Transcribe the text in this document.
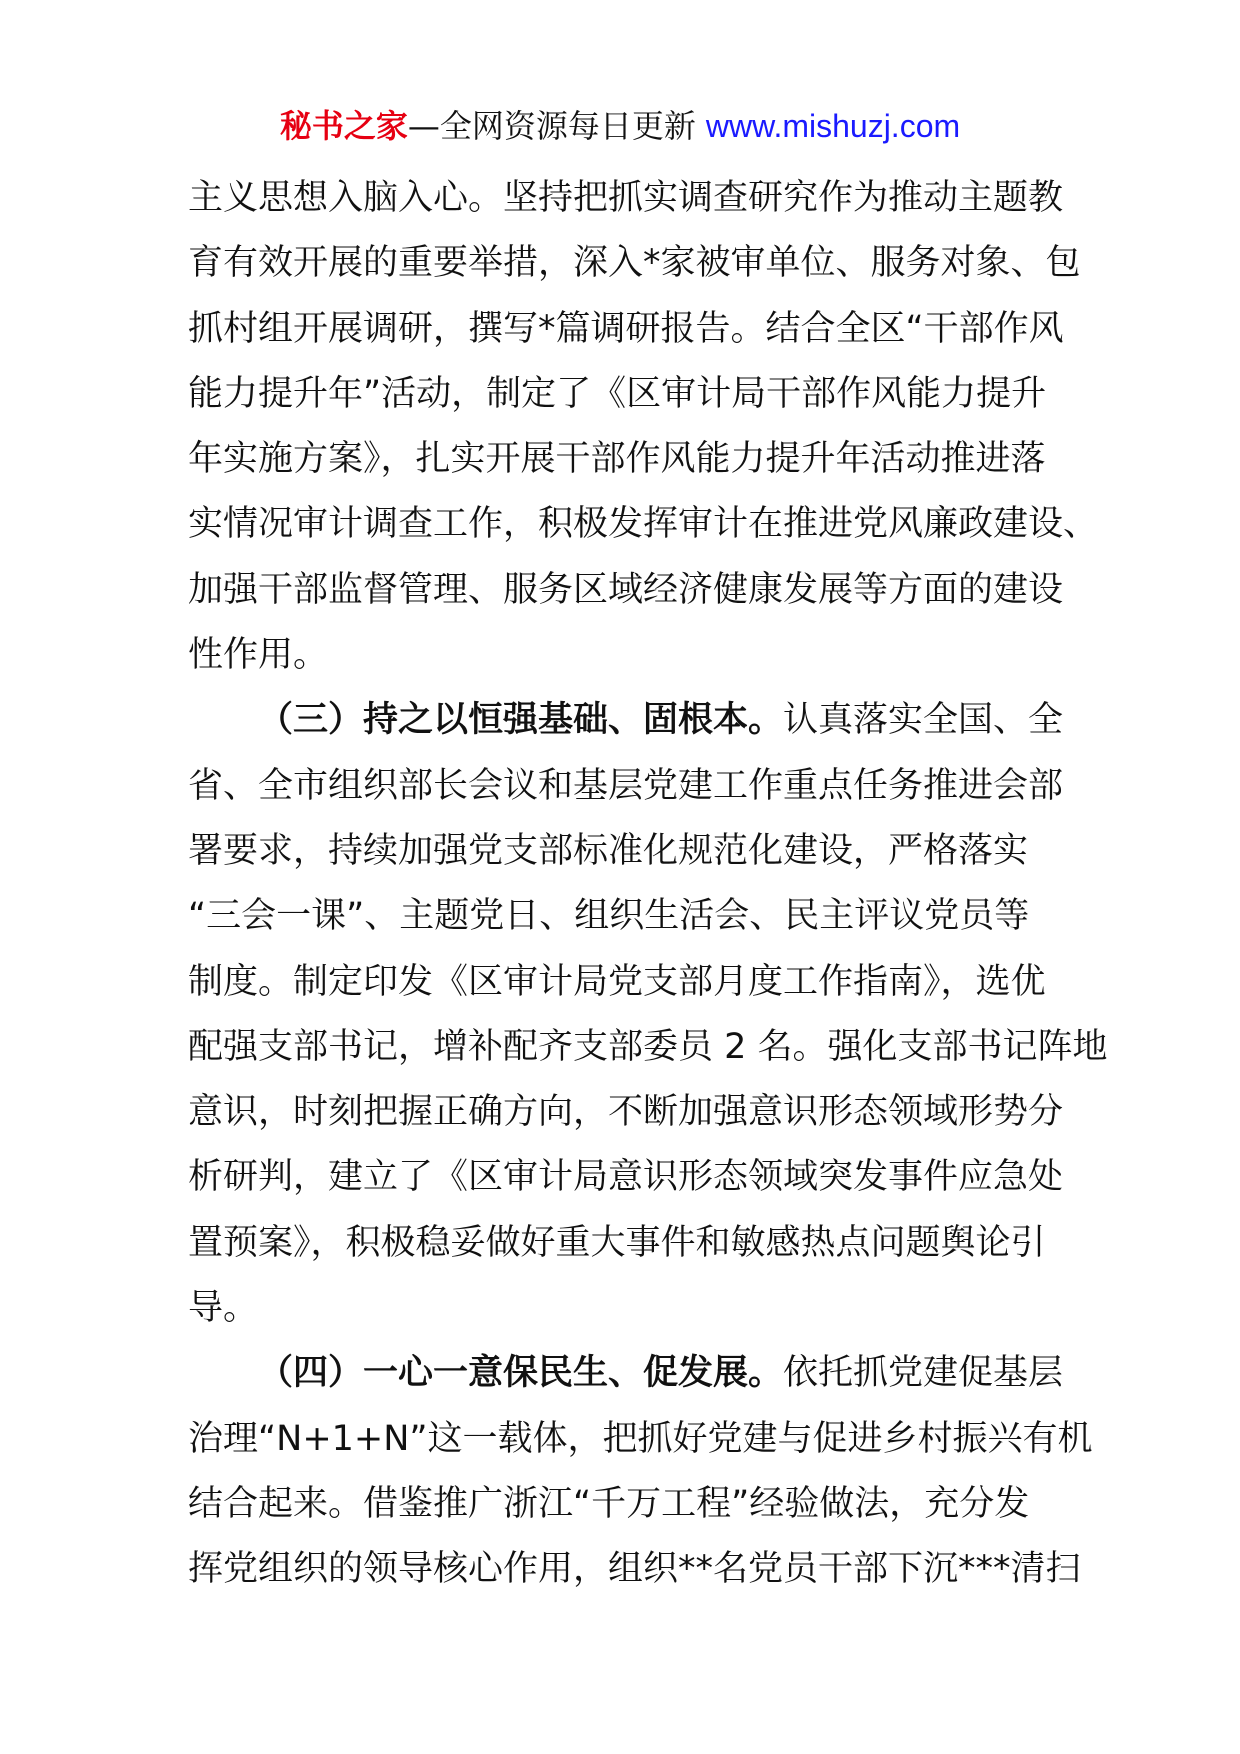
秘书之家—全网资源每日更新 www.mishuzj.com
主义思想入脑入心。坚持把抓实调查研究作为推动主题教
育有效开展的重要举措，深入*家被审单位、服务对象、包
抓村组开展调研，撰写*篇调研报告。结合全区“干部作风
能力提升年”活动，制定了《区审计局干部作风能力提升
年实施方案》，扎实开展干部作风能力提升年活动推进落
实情况审计调查工作，积极发挥审计在推进党风廉政建设、
加强干部监督管理、服务区域经济健康发展等方面的建设
性作用。
（三）持之以恒强基础、固根本。认真落实全国、全
省、全市组织部长会议和基层党建工作重点任务推进会部
署要求，持续加强党支部标准化规范化建设，严格落实
“三会一课”、主题党日、组织生活会、民主评议党员等
制度。制定印发《区审计局党支部月度工作指南》，选优
配强支部书记，增补配齐支部委员 2 名。强化支部书记阵地
意识，时刻把握正确方向，不断加强意识形态领域形势分
析研判，建立了《区审计局意识形态领域突发事件应急处
置预案》，积极稳妥做好重大事件和敏感热点问题舆论引
导。
（四）一心一意保民生、促发展。依托抓党建促基层
治理“N+1+N”这一载体，把抓好党建与促进乡村振兴有机
结合起来。借鉴推广浙江“千万工程”经验做法，充分发
挥党组织的领导核心作用，组织**名党员干部下沉***清扫
